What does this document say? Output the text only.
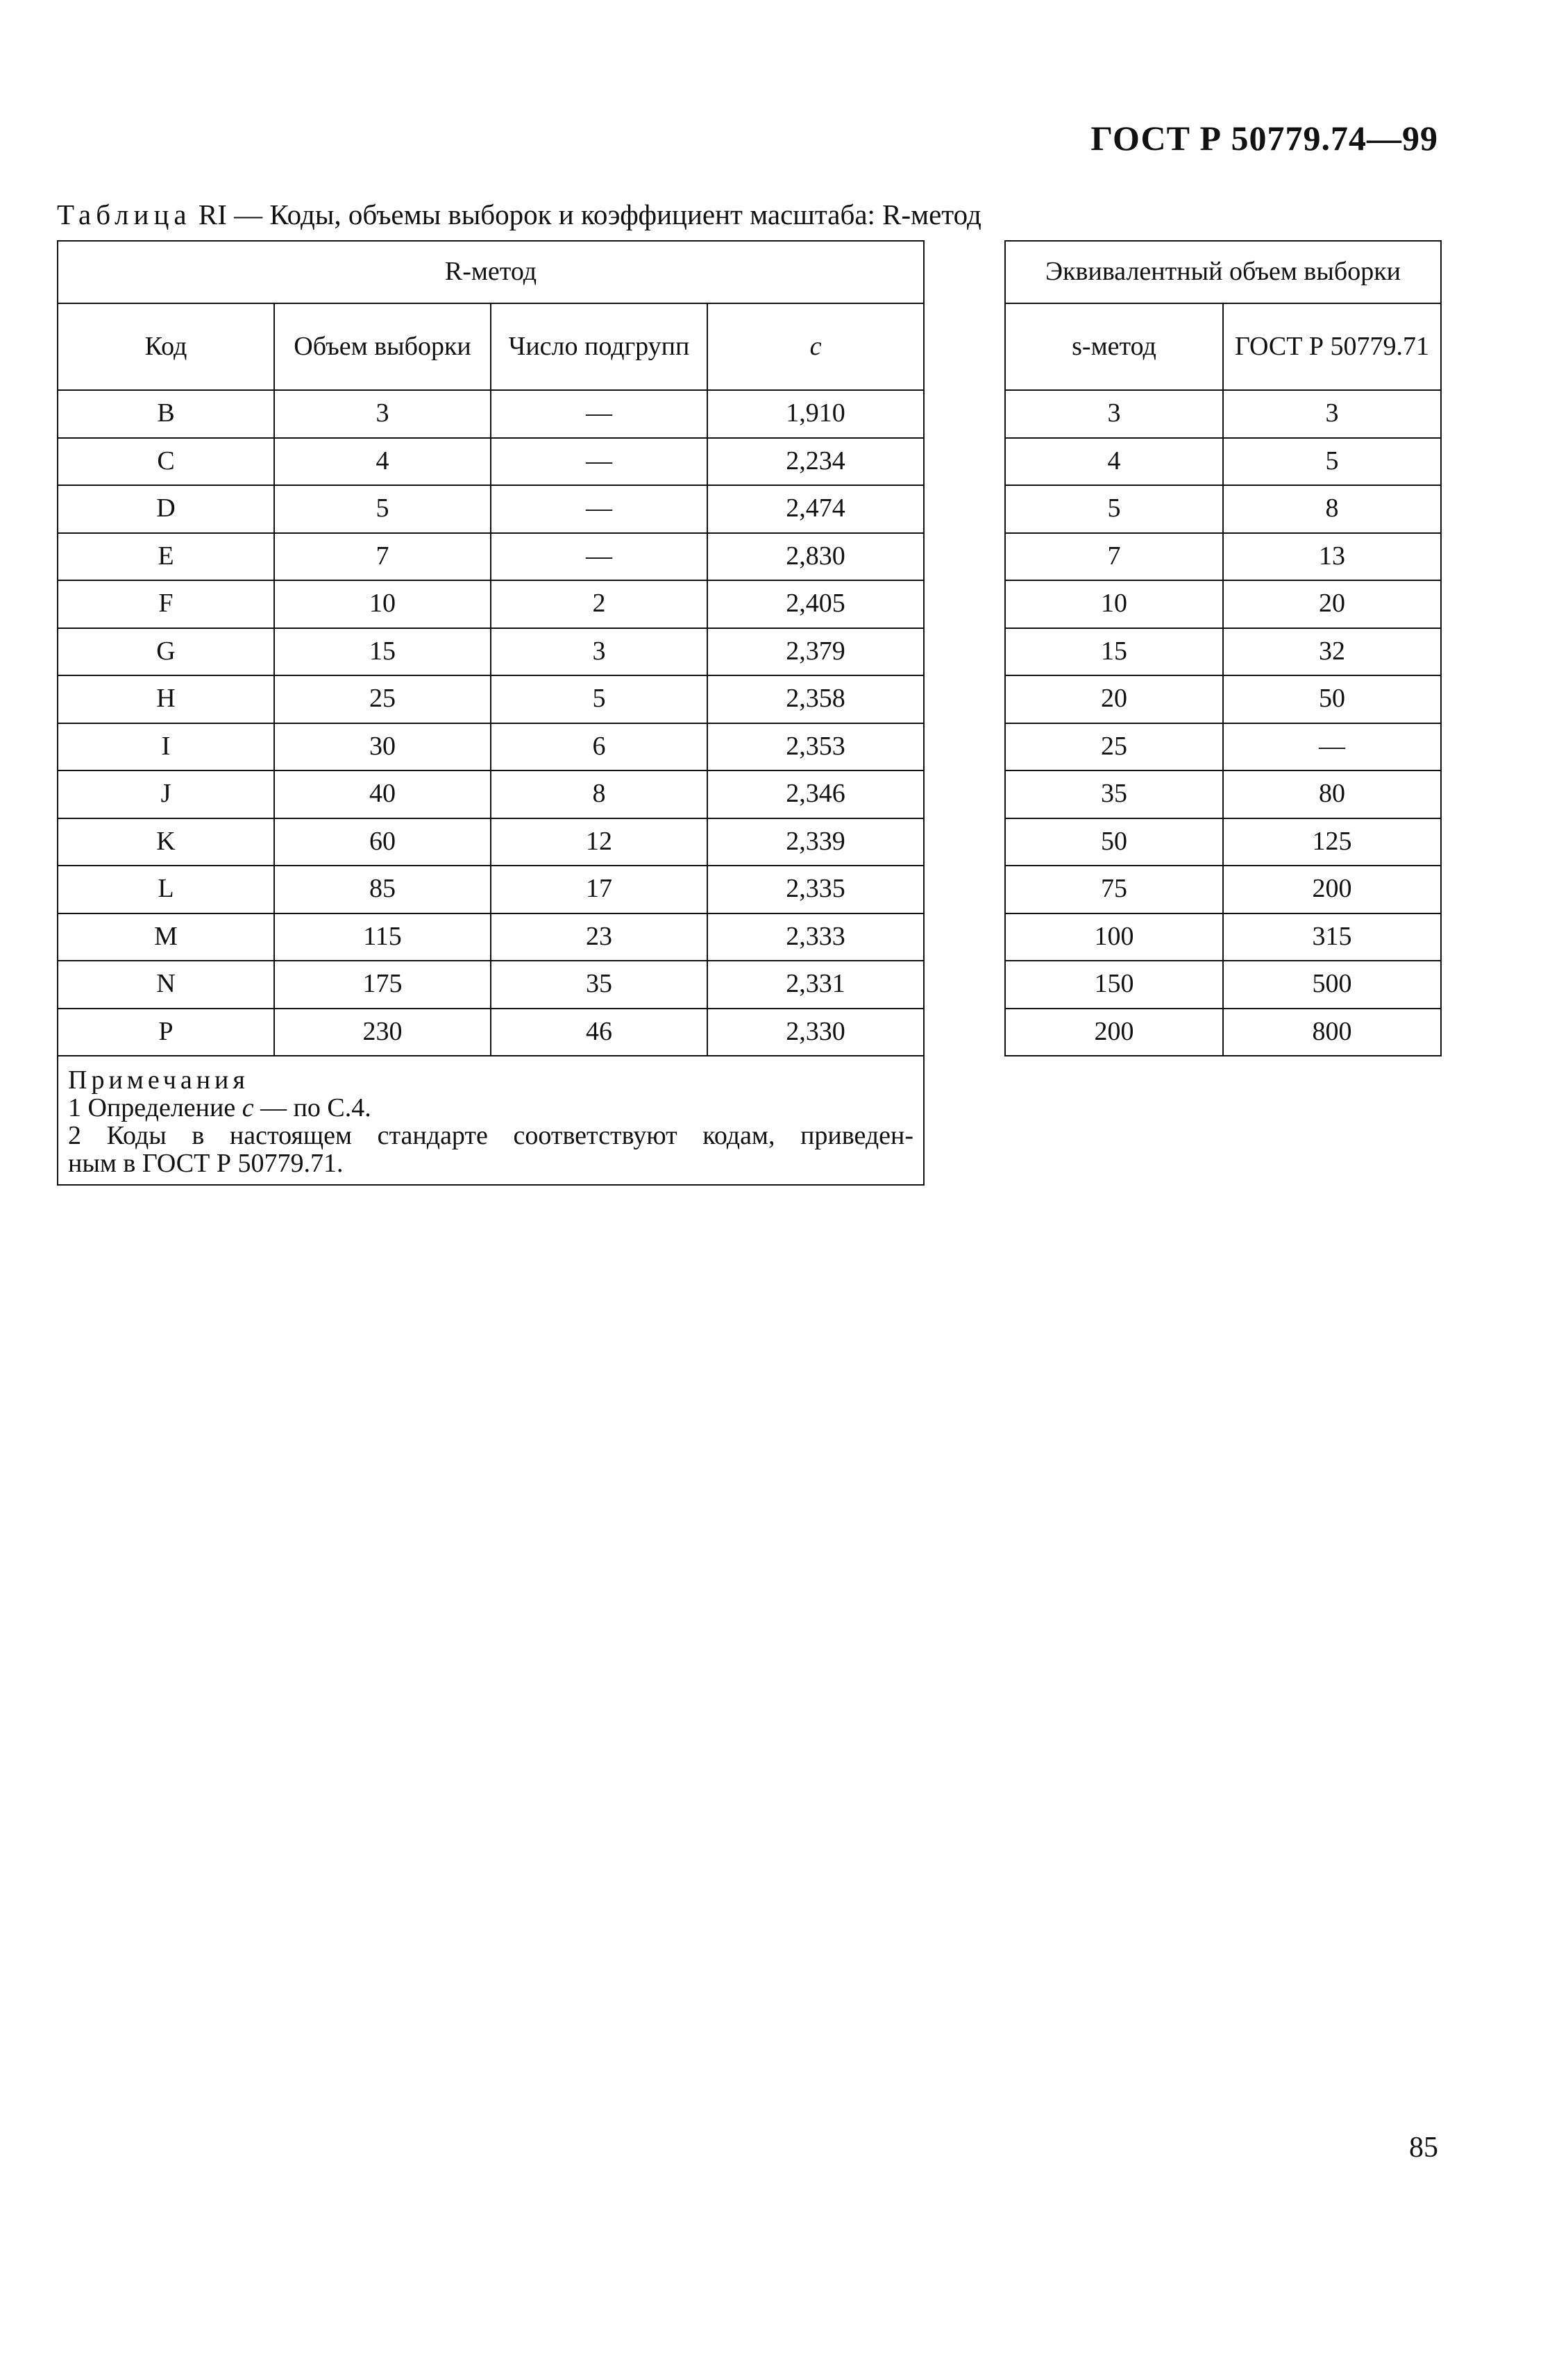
ГОСТ Р 50779.74—99
Таблица RI — Коды, объемы выборок и коэффициент масштаба: R-метод
R-метод			
Код	Объем выборки	Число подгрупп	c
B	3	—	1,910
C	4	—	2,234
D	5	—	2,474
E	7	—	2,830
F	10	2	2,405
G	15	3	2,379
H	25	5	2,358
I	30	6	2,353
J	40	8	2,346
K	60	12	2,339
L	85	17	2,335
M	115	23	2,333
N	175	35	2,331
P	230	46	2,330

Примечания
1 Определение c — по С.4.
2 Коды в настоящем стандарте соответствуют кодам, приведен-
ным в ГОСТ Р 50779.71.			
Эквивалентный объем выборки	
s-метод	ГОСТ Р 50779.71
3	3
4	5
5	8
7	13
10	20
15	32
20	50
25	—
35	80
50	125
75	200
100	315
150	500
200	800
85
